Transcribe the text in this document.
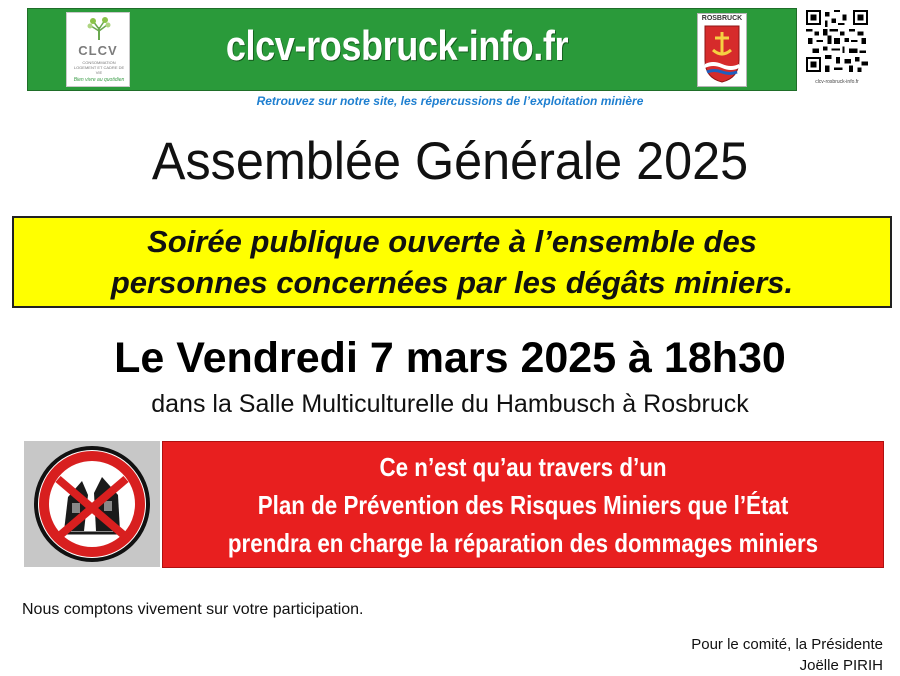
CLCV
CONSOMMATION LOGEMENT ET CADRE DE VIE
Bien vivre au quotidien
clcv-rosbruck-info.fr
ROSBRUCK
clcv-rosbruck-info.fr
Retrouvez sur notre site, les répercussions de l’exploitation minière
Assemblée Générale 2025
Soirée publique ouverte à l’ensemble des
personnes concernées par les dégâts miniers.
Le Vendredi 7 mars 2025 à 18h30
dans la Salle Multiculturelle du Hambusch à Rosbruck
Ce n’est qu’au travers d’un
Plan de Prévention des Risques Miniers que l’État
prendra en charge la réparation des dommages miniers
Nous comptons vivement sur votre participation.
Pour le comité, la Présidente
Joëlle PIRIH
